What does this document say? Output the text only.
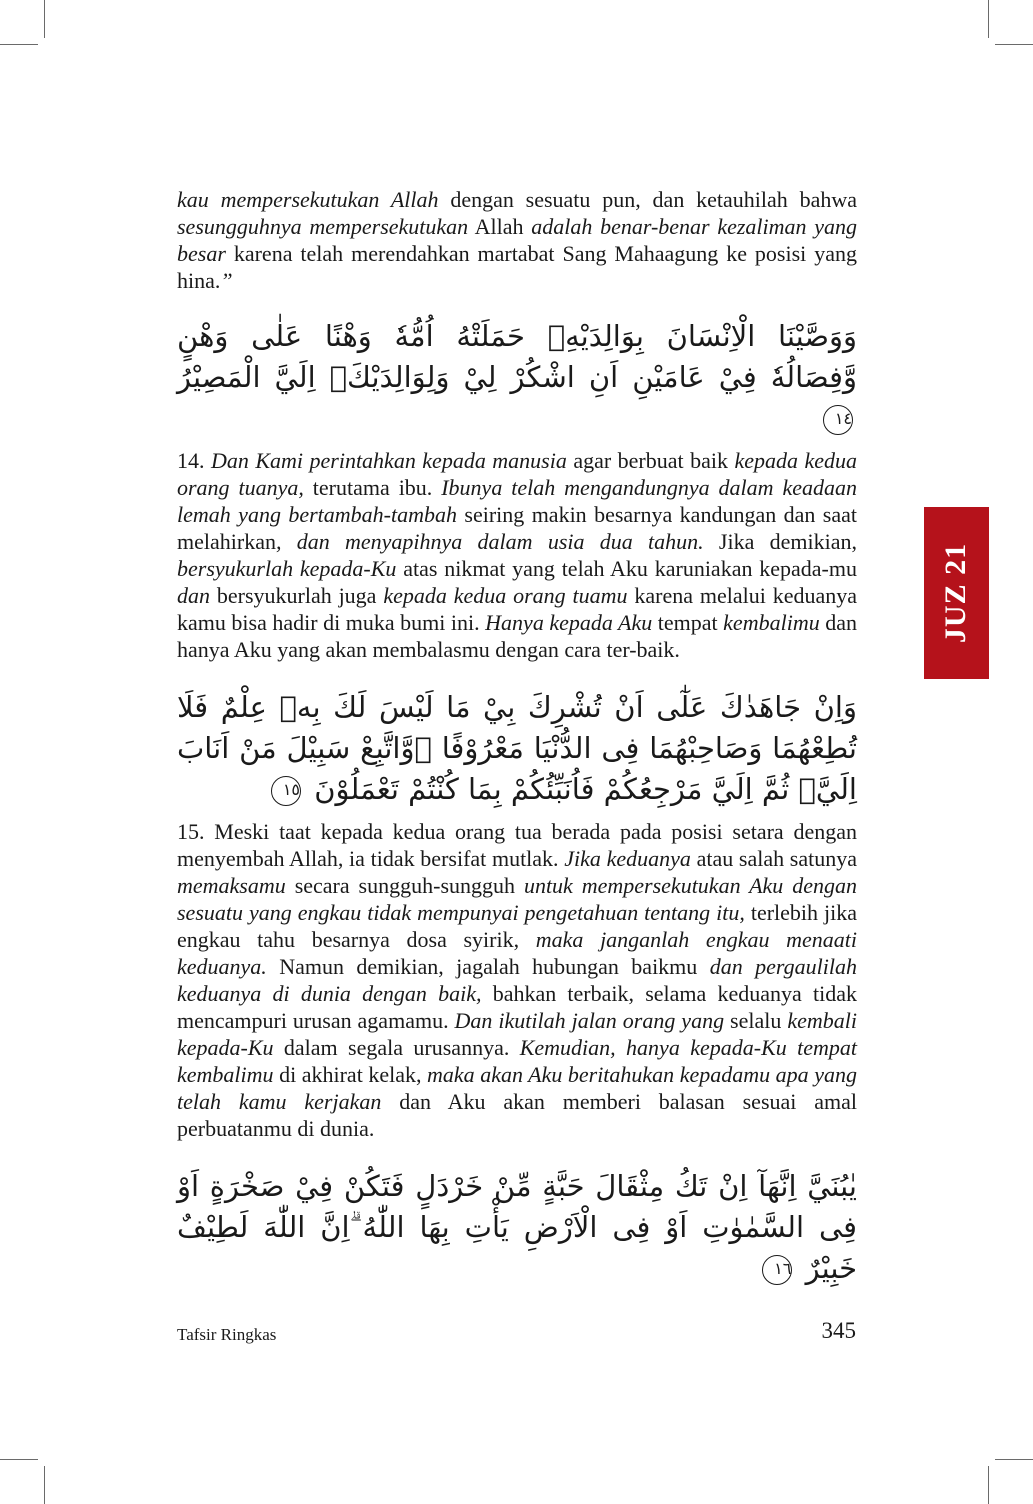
kau mempersekutukan Allah dengan sesuatu pun, dan ketauhilah bahwa sesungguhnya mempersekutukan Allah adalah benar-benar kezaliman yang besar karena telah merendahkan martabat Sang Mahaagung ke posisi yang hina.”

وَوَصَّيْنَا الْاِنْسَانَ بِوَالِدَيْهِۚ حَمَلَتْهُ اُمُّهٗ وَهْنًا عَلٰى وَهْنٍ وَّفِصَالُهٗ فِيْ عَامَيْنِ اَنِ اشْكُرْ لِيْ وَلِوَالِدَيْكَۗ اِلَيَّ الْمَصِيْرُ ١٤

14. Dan Kami perintahkan kepada manusia agar berbuat baik kepada kedua orang tuanya, terutama ibu. Ibunya telah mengandungnya dalam keadaan lemah yang bertambah-tambah seiring makin besarnya kandungan dan saat melahirkan, dan menyapihnya dalam usia dua tahun. Jika demikian, bersyukurlah kepada-Ku atas nikmat yang telah Aku karuniakan kepada-mu dan bersyukurlah juga kepada kedua orang tuamu karena melalui keduanya kamu bisa hadir di muka bumi ini. Hanya kepada Aku tempat kembalimu dan hanya Aku yang akan membalasmu dengan cara ter-baik.

وَاِنْ جَاهَدٰكَ عَلٰٓى اَنْ تُشْرِكَ بِيْ مَا لَيْسَ لَكَ بِهٖ عِلْمٌ فَلَا تُطِعْهُمَا وَصَاحِبْهُمَا فِى الدُّنْيَا مَعْرُوْفًا ۖوَّاتَّبِعْ سَبِيْلَ مَنْ اَنَابَ اِلَيَّۚ ثُمَّ اِلَيَّ مَرْجِعُكُمْ فَاُنَبِّئُكُمْ بِمَا كُنْتُمْ تَعْمَلُوْنَ ١٥

15. Meski taat kepada kedua orang tua berada pada posisi setara dengan menyembah Allah, ia tidak bersifat mutlak. Jika keduanya atau salah satunya memaksamu secara sungguh-sungguh untuk mempersekutukan Aku dengan sesuatu yang engkau tidak mempunyai pengetahuan tentang itu, terlebih jika engkau tahu besarnya dosa syirik, maka janganlah engkau menaati keduanya. Namun demikian, jagalah hubungan baikmu dan pergaulilah keduanya di dunia dengan baik, bahkan terbaik, selama keduanya tidak mencampuri urusan agamamu. Dan ikutilah jalan orang yang selalu kembali kepada-Ku dalam segala urusannya. Kemudian, hanya kepada-Ku tempat kembalimu di akhirat kelak, maka akan Aku beritahukan kepadamu apa yang telah kamu kerjakan dan Aku akan memberi balasan sesuai amal perbuatanmu di dunia.

يٰبُنَيَّ اِنَّهَآ اِنْ تَكُ مِثْقَالَ حَبَّةٍ مِّنْ خَرْدَلٍ فَتَكُنْ فِيْ صَخْرَةٍ اَوْ فِى السَّمٰوٰتِ اَوْ فِى الْاَرْضِ يَأْتِ بِهَا اللّٰهُ ۗاِنَّ اللّٰهَ لَطِيْفٌ خَبِيْرٌ ١٦
JUZ 21
Tafsir Ringkas	345
